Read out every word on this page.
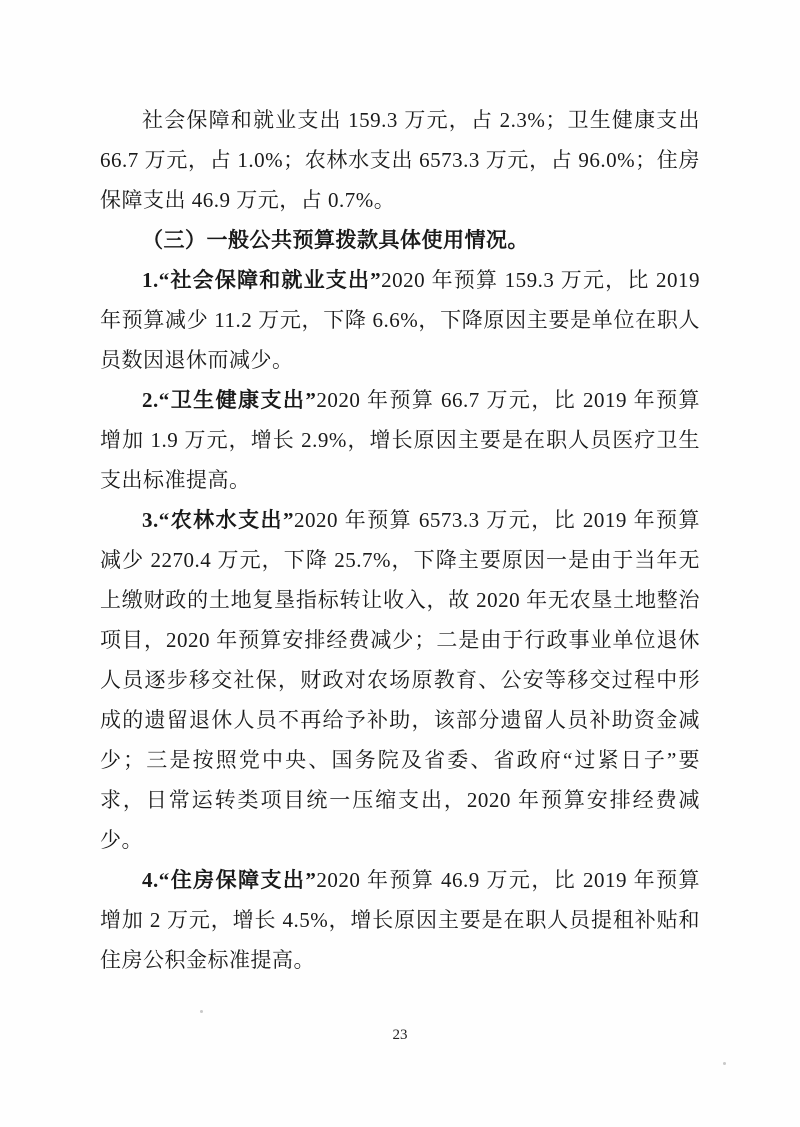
社会保障和就业支出 159.3 万元，占 2.3%；卫生健康支出 66.7 万元，占 1.0%；农林水支出 6573.3 万元，占 96.0%；住房保障支出 46.9 万元，占 0.7%。

（三）一般公共预算拨款具体使用情况。

1.“社会保障和就业支出”2020 年预算 159.3 万元，比 2019 年预算减少 11.2 万元，下降 6.6%，下降原因主要是单位在职人员数因退休而减少。

2.“卫生健康支出”2020 年预算 66.7 万元，比 2019 年预算增加 1.9 万元，增长 2.9%，增长原因主要是在职人员医疗卫生支出标准提高。

3.“农林水支出”2020 年预算 6573.3 万元，比 2019 年预算减少 2270.4 万元，下降 25.7%，下降主要原因一是由于当年无上缴财政的土地复垦指标转让收入，故 2020 年无农垦土地整治项目，2020 年预算安排经费减少；二是由于行政事业单位退休人员逐步移交社保，财政对农场原教育、公安等移交过程中形成的遗留退休人员不再给予补助，该部分遗留人员补助资金减少；三是按照党中央、国务院及省委、省政府“过紧日子”要求，日常运转类项目统一压缩支出，2020 年预算安排经费减少。

4.“住房保障支出”2020 年预算 46.9 万元，比 2019 年预算增加 2 万元，增长 4.5%，增长原因主要是在职人员提租补贴和住房公积金标准提高。

23
